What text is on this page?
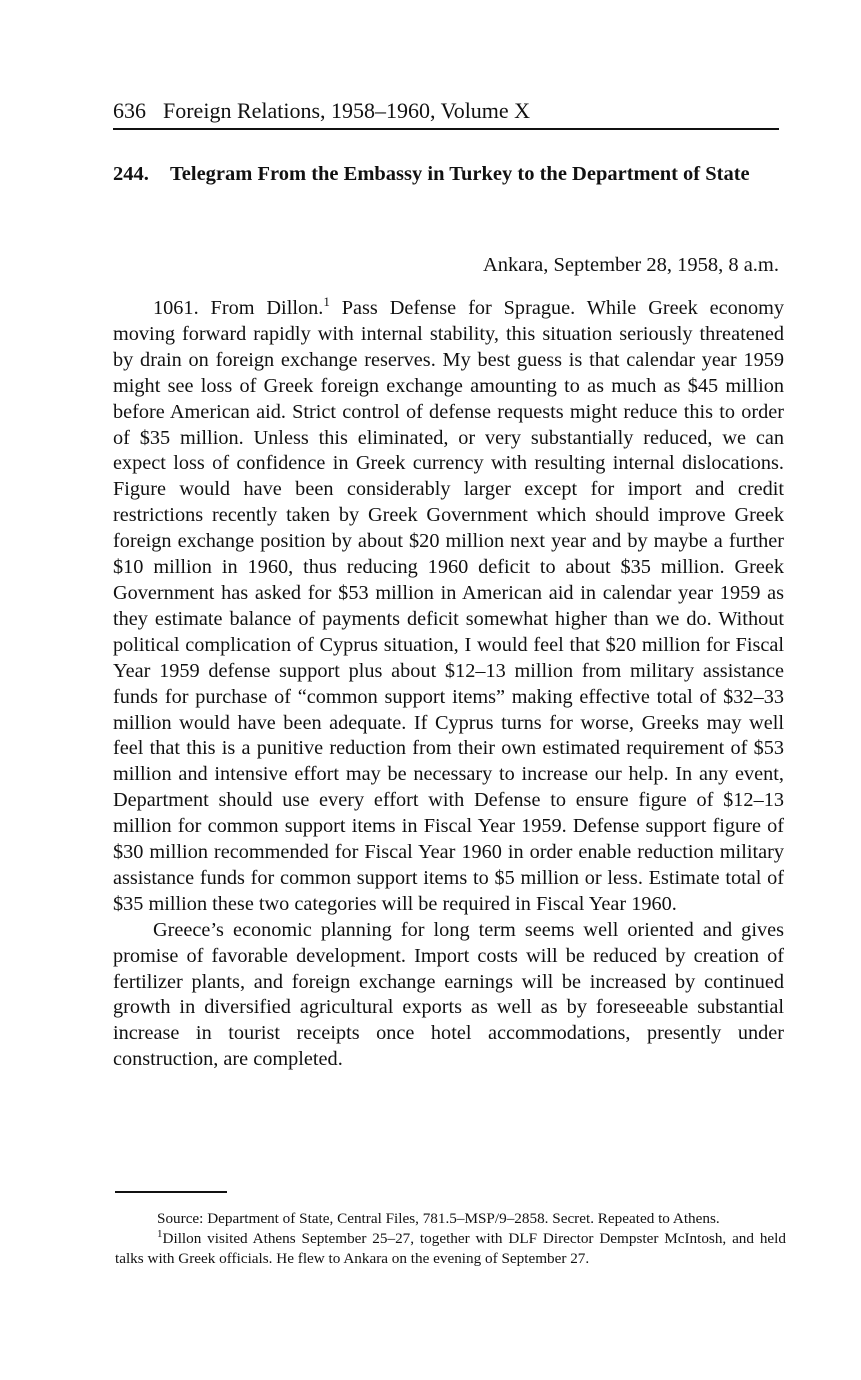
636 Foreign Relations, 1958–1960, Volume X
244. Telegram From the Embassy in Turkey to the Department of State
Ankara, September 28, 1958, 8 a.m.

1061. From Dillon.$^1$ Pass Defense for Sprague. While Greek economy moving forward rapidly with internal stability, this situation seriously threatened by drain on foreign exchange reserves. My best guess is that calendar year 1959 might see loss of Greek foreign exchange amounting to as much as $45 million before American aid. Strict control of defense requests might reduce this to order of $35 million. Unless this eliminated, or very substantially reduced, we can expect loss of confidence in Greek currency with resulting internal dislocations. Figure would have been considerably larger except for import and credit restrictions recently taken by Greek Government which should improve Greek foreign exchange position by about $20 million next year and by maybe a further $10 million in 1960, thus reducing 1960 deficit to about $35 million. Greek Government has asked for $53 million in American aid in calendar year 1959 as they estimate balance of payments deficit somewhat higher than we do. Without political complication of Cyprus situation, I would feel that $20 million for Fiscal Year 1959 defense support plus about $12–13 million from military assistance funds for purchase of “common support items” making effective total of $32–33 million would have been adequate. If Cyprus turns for worse, Greeks may well feel that this is a punitive reduction from their own estimated requirement of $53 million and intensive effort may be necessary to increase our help. In any event, Department should use every effort with Defense to ensure figure of $12–13 million for common support items in Fiscal Year 1959. Defense support figure of $30 million recommended for Fiscal Year 1960 in order enable reduction military assistance funds for common support items to $5 million or less. Estimate total of $35 million these two categories will be required in Fiscal Year 1960.

Greece’s economic planning for long term seems well oriented and gives promise of favorable development. Import costs will be reduced by creation of fertilizer plants, and foreign exchange earnings will be increased by continued growth in diversified agricultural exports as well as by foreseeable substantial increase in tourist receipts once hotel accommodations, presently under construction, are completed.

Source: Department of State, Central Files, 781.5–MSP/9–2858. Secret. Repeated to Athens.

$^1$Dillon visited Athens September 25–27, together with DLF Director Dempster McIntosh, and held talks with Greek officials. He flew to Ankara on the evening of September 27.
